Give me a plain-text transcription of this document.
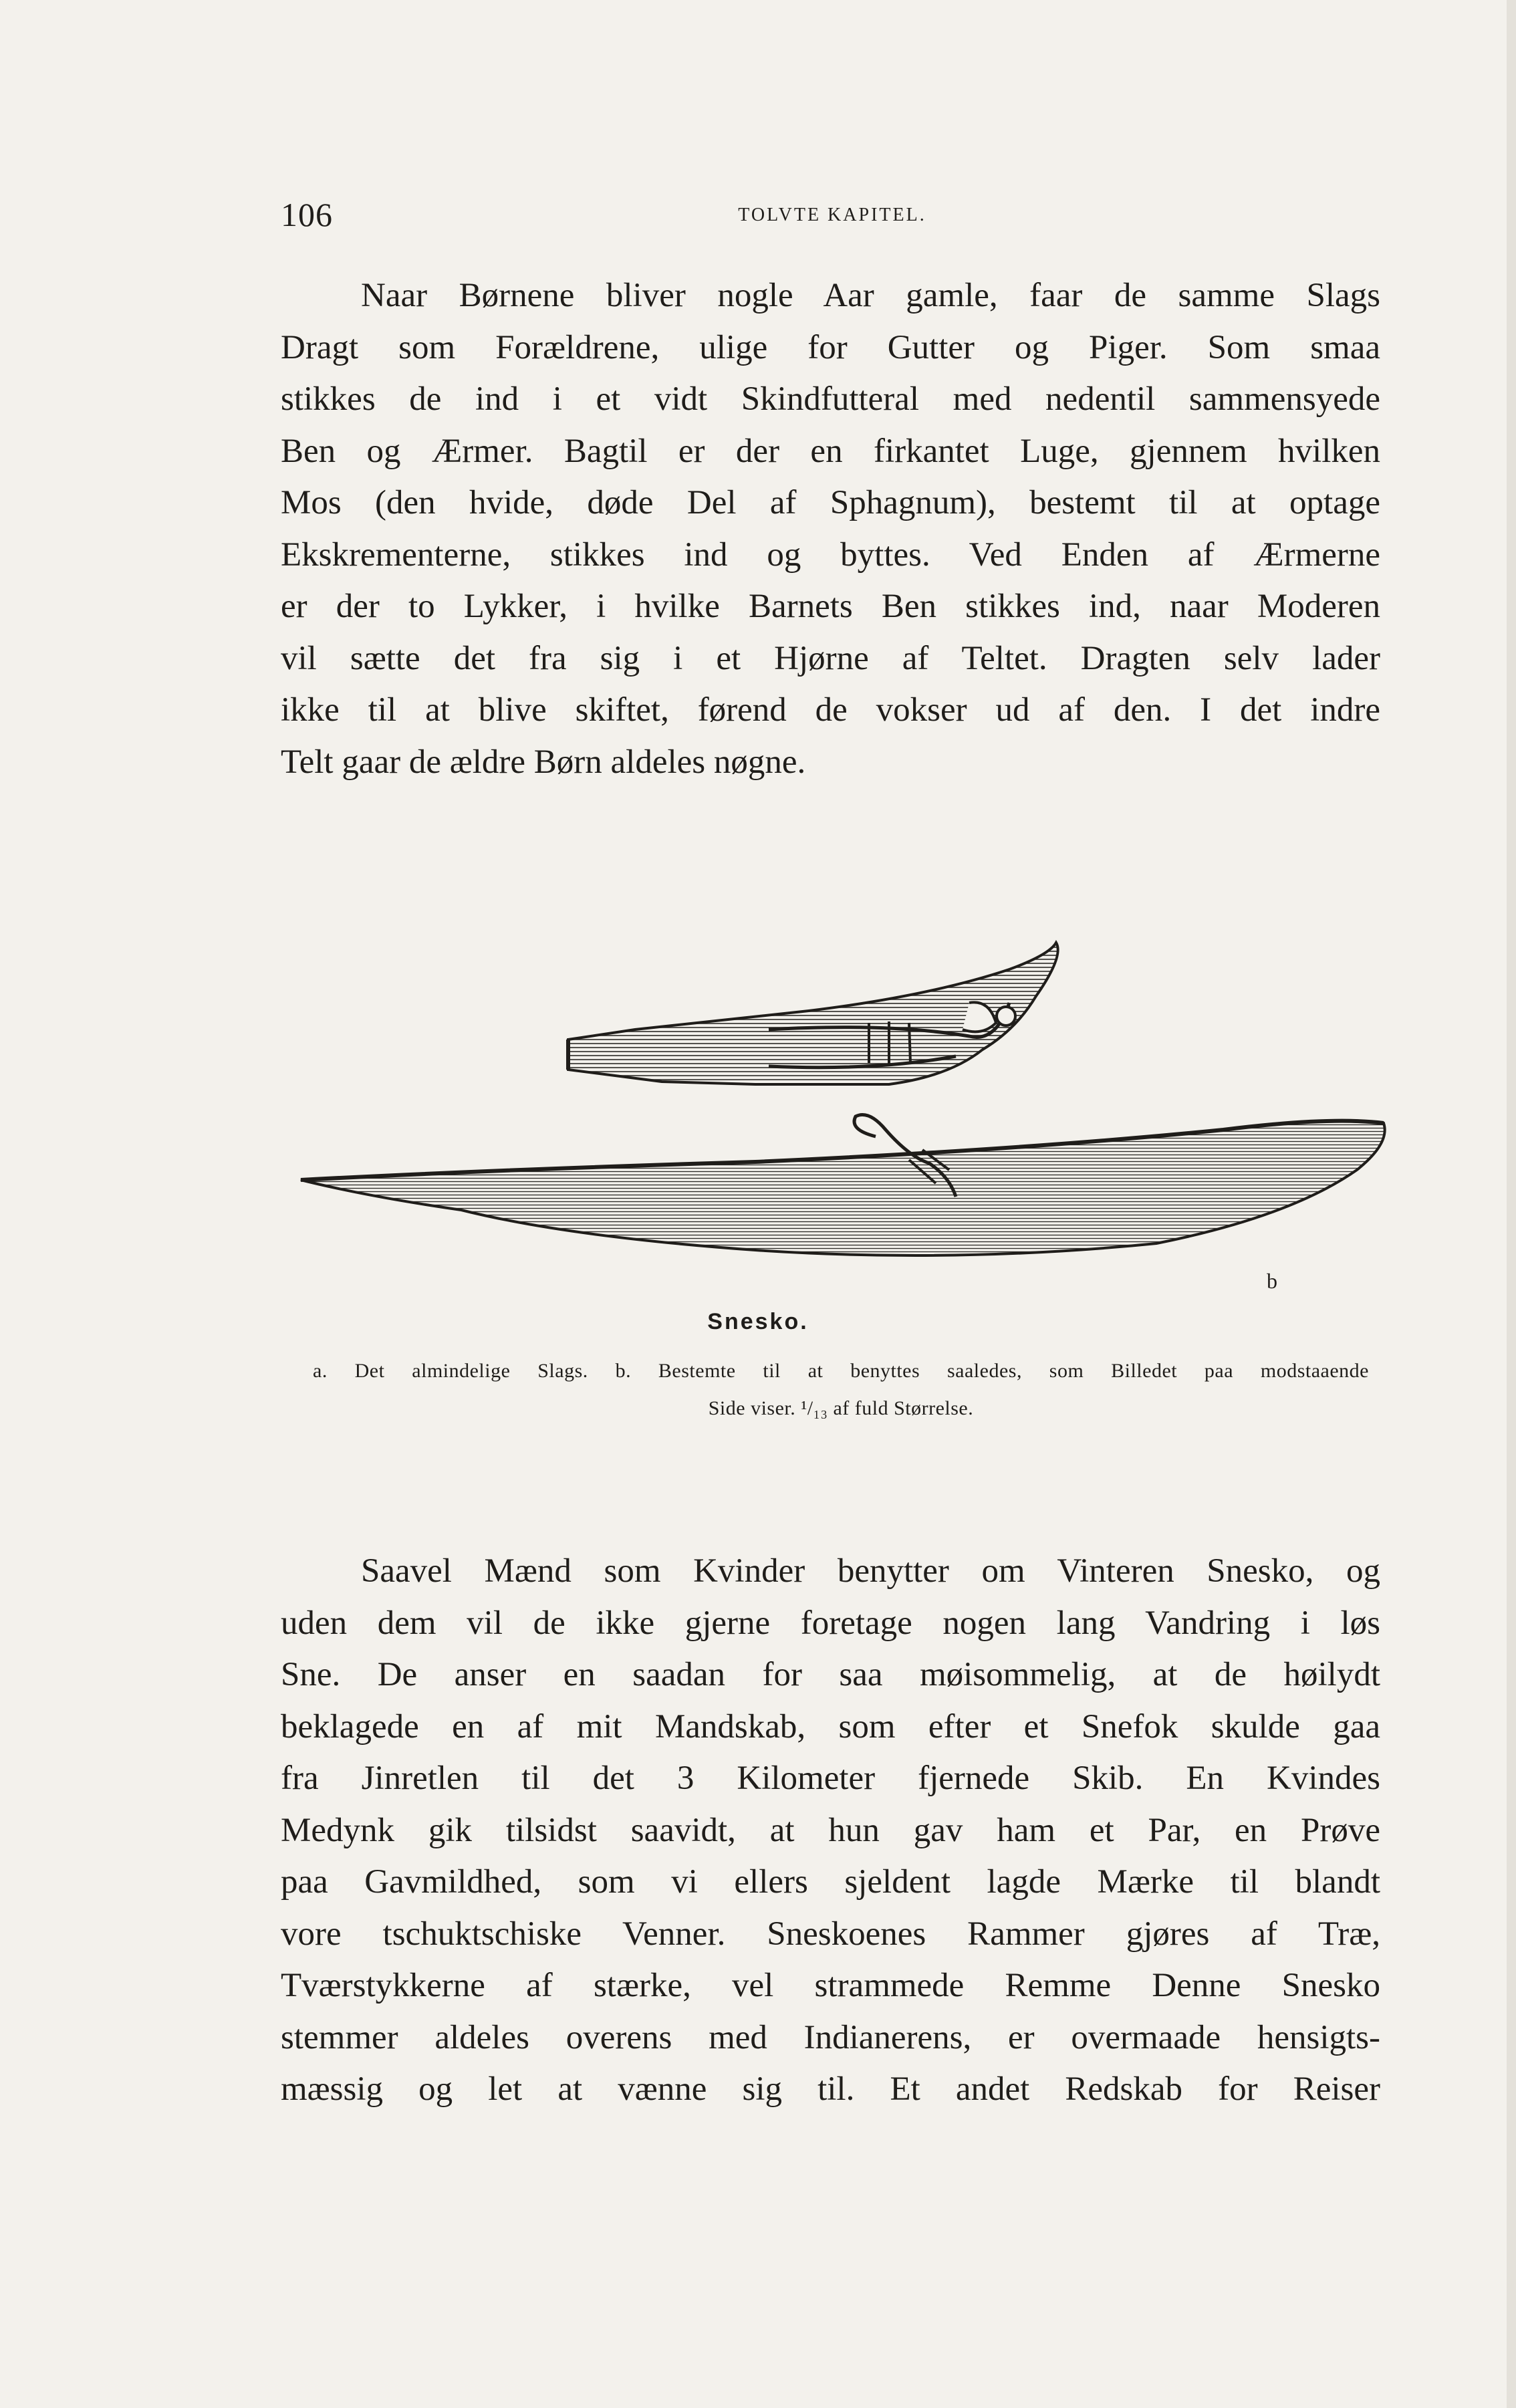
106	TOLVTE KAPITEL.
Naar Børnene bliver nogle Aar gamle, faar de samme Slags
Dragt som Forældrene, ulige for Gutter og Piger. Som smaa
stikkes de ind i et vidt Skindfutteral med nedentil sammensyede
Ben og Ærmer. Bagtil er der en firkantet Luge, gjennem hvilken
Mos (den hvide, døde Del af Sphagnum), bestemt til at optage
Ekskrementerne, stikkes ind og byttes. Ved Enden af Ærmerne
er der to Lykker, i hvilke Barnets Ben stikkes ind, naar Moderen
vil sætte det fra sig i et Hjørne af Teltet. Dragten selv lader
ikke til at blive skiftet, førend de vokser ud af den. I det indre
Telt gaar de ældre Børn aldeles nøgne.
b
Snesko.
a. Det almindelige Slags. b. Bestemte til at benyttes saaledes, som Billedet paa modstaaende
Side viser. ¹/₁₃ af fuld Størrelse.
Saavel Mænd som Kvinder benytter om Vinteren Snesko, og
uden dem vil de ikke gjerne foretage nogen lang Vandring i løs
Sne. De anser en saadan for saa møisommelig, at de høilydt
beklagede en af mit Mandskab, som efter et Snefok skulde gaa
fra Jinretlen til det 3 Kilometer fjernede Skib. En Kvindes
Medynk gik tilsidst saavidt, at hun gav ham et Par, en Prøve
paa Gavmildhed, som vi ellers sjeldent lagde Mærke til blandt
vore tschuktschiske Venner. Sneskoenes Rammer gjøres af Træ,
Tværstykkerne af stærke, vel strammede Remme Denne Snesko
stemmer aldeles overens med Indianerens, er overmaade hensigts-
mæssig og let at vænne sig til. Et andet Redskab for Reiser
